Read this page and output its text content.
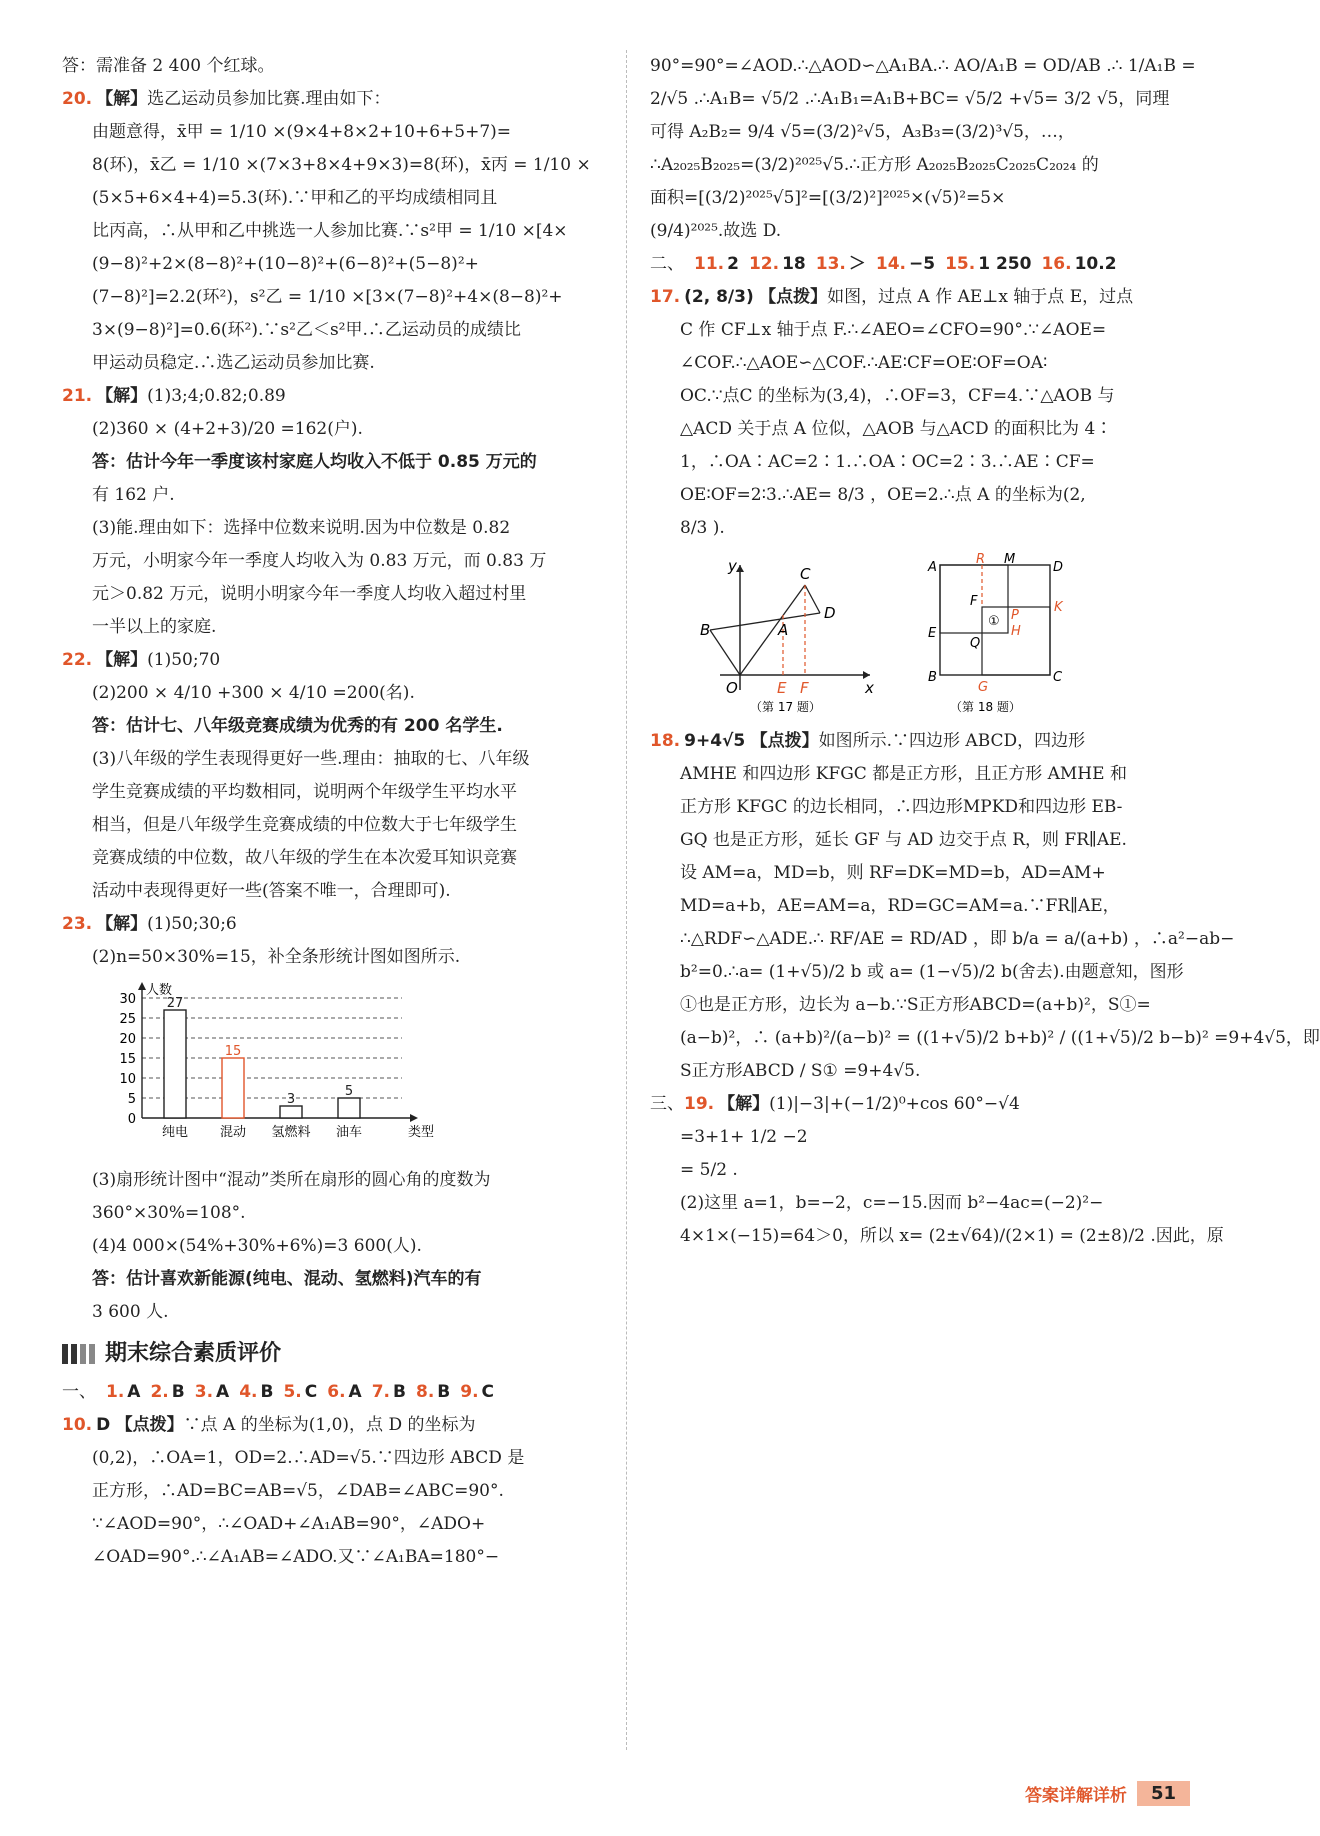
答：需准备 2 400 个红球。
20. 【解】选乙运动员参加比赛.理由如下：
由题意得，x̄甲 = 1/10 ×(9×4+8×2+10+6+5+7)=
8(环)，x̄乙 = 1/10 ×(7×3+8×4+9×3)=8(环)，x̄丙 = 1/10 ×
(5×5+6×4+4)=5.3(环).∵甲和乙的平均成绩相同且
比丙高，∴从甲和乙中挑选一人参加比赛.∵s²甲 = 1/10 ×[4×
(9−8)²+2×(8−8)²+(10−8)²+(6−8)²+(5−8)²+
(7−8)²]=2.2(环²)，s²乙 = 1/10 ×[3×(7−8)²+4×(8−8)²+
3×(9−8)²]=0.6(环²).∵s²乙＜s²甲.∴乙运动员的成绩比
甲运动员稳定.∴选乙运动员参加比赛.
21. 【解】(1)3;4;0.82;0.89
(2)360 × (4+2+3)/20 =162(户).
答：估计今年一季度该村家庭人均收入不低于 0.85 万元的
有 162 户.
(3)能.理由如下：选择中位数来说明.因为中位数是 0.82
万元，小明家今年一季度人均收入为 0.83 万元，而 0.83 万
元＞0.82 万元，说明小明家今年一季度人均收入超过村里
一半以上的家庭.
22. 【解】(1)50;70
(2)200 × 4/10 +300 × 4/10 =200(名).
答：估计七、八年级竞赛成绩为优秀的有 200 名学生.
(3)八年级的学生表现得更好一些.理由：抽取的七、八年级
学生竞赛成绩的平均数相同，说明两个年级学生平均水平
相当，但是八年级学生竞赛成绩的中位数大于七年级学生
竞赛成绩的中位数，故八年级的学生在本次爱耳知识竞赛
活动中表现得更好一些(答案不唯一，合理即可).
23. 【解】(1)50;30;6
(2)n=50×30%=15，补全条形统计图如图所示.
0
5
10
15
20
25
30
人数
类型
27
纯电
15
混动
3
氢燃料
5
油车
(3)扇形统计图中“混动”类所在扇形的圆心角的度数为
360°×30%=108°.
(4)4 000×(54%+30%+6%)=3 600(人).
答：估计喜欢新能源(纯电、混动、氢燃料)汽车的有
3 600 人.
期末综合素质评价
一、 1. A 2. B 3. A 4. B 5. C 6. A 7. B 8. B 9. C
10. D 【点拨】∵点 A 的坐标为(1,0)，点 D 的坐标为
(0,2)，∴OA=1，OD=2.∴AD=√5.∵四边形 ABCD 是
正方形，∴AD=BC=AB=√5，∠DAB=∠ABC=90°.
∵∠AOD=90°，∴∠OAD+∠A₁AB=90°，∠ADO+
∠OAD=90°.∴∠A₁AB=∠ADO.又∵∠A₁BA=180°−
90°=90°=∠AOD.∴△AOD∽△A₁BA.∴ AO/A₁B = OD/AB .∴ 1/A₁B =
2/√5 .∴A₁B= √5/2 .∴A₁B₁=A₁B+BC= √5/2 +√5= 3/2 √5，同理
可得 A₂B₂= 9/4 √5=(3/2)²√5，A₃B₃=(3/2)³√5，…，
∴A₂₀₂₅B₂₀₂₅=(3/2)²⁰²⁵√5.∴正方形 A₂₀₂₅B₂₀₂₅C₂₀₂₅C₂₀₂₄ 的
面积=[(3/2)²⁰²⁵√5]²=[(3/2)²]²⁰²⁵×(√5)²=5×
(9/4)²⁰²⁵.故选 D.
二、 11. 2 12. 18 13. ＞ 14. −5 15. 1 250 16. 10.2
17. (2, 8/3) 【点拨】如图，过点 A 作 AE⊥x 轴于点 E，过点
C 作 CF⊥x 轴于点 F.∴∠AEO=∠CFO=90°.∵∠AOE=
∠COF.∴△AOE∽△COF.∴AE∶CF=OE∶OF=OA∶
OC.∵点C 的坐标为(3,4)，∴OF=3，CF=4.∵△AOB 与
△ACD 关于点 A 位似，△AOB 与△ACD 的面积比为 4∶
1，∴OA∶AC=2∶1.∴OA∶OC=2∶3.∴AE∶CF=
OE∶OF=2∶3.∴AE= 8/3 ，OE=2.∴点 A 的坐标为(2,
8/3 ).
y
x
O	E F
A
B
C
D
（第 17 题）
A	D
B	C
R M
K
E
F
P
H
Q
G
①
（第 18 题）
18. 9+4√5 【点拨】如图所示.∵四边形 ABCD，四边形
AMHE 和四边形 KFGC 都是正方形，且正方形 AMHE 和
正方形 KFGC 的边长相同，∴四边形MPKD和四边形 EB-
GQ 也是正方形，延长 GF 与 AD 边交于点 R，则 FR∥AE.
设 AM=a，MD=b，则 RF=DK=MD=b，AD=AM+
MD=a+b，AE=AM=a，RD=GC=AM=a.∵FR∥AE，
∴△RDF∽△ADE.∴ RF/AE = RD/AD ，即 b/a = a/(a+b) ，∴a²−ab−
b²=0.∴a= (1+√5)/2 b 或 a= (1−√5)/2 b(舍去).由题意知，图形
①也是正方形，边长为 a−b.∵S正方形ABCD=(a+b)²，S①=
(a−b)²，∴ (a+b)²/(a−b)² = ((1+√5)/2 b+b)² / ((1+√5)/2 b−b)² =9+4√5，即
S正方形ABCD / S① =9+4√5.
三、19. 【解】(1)|−3|+(−1/2)⁰+cos 60°−√4
=3+1+ 1/2 −2
= 5/2 .
(2)这里 a=1，b=−2，c=−15.因而 b²−4ac=(−2)²−
4×1×(−15)=64＞0，所以 x= (2±√64)/(2×1) = (2±8)/2 .因此，原
答案详解详析	51
